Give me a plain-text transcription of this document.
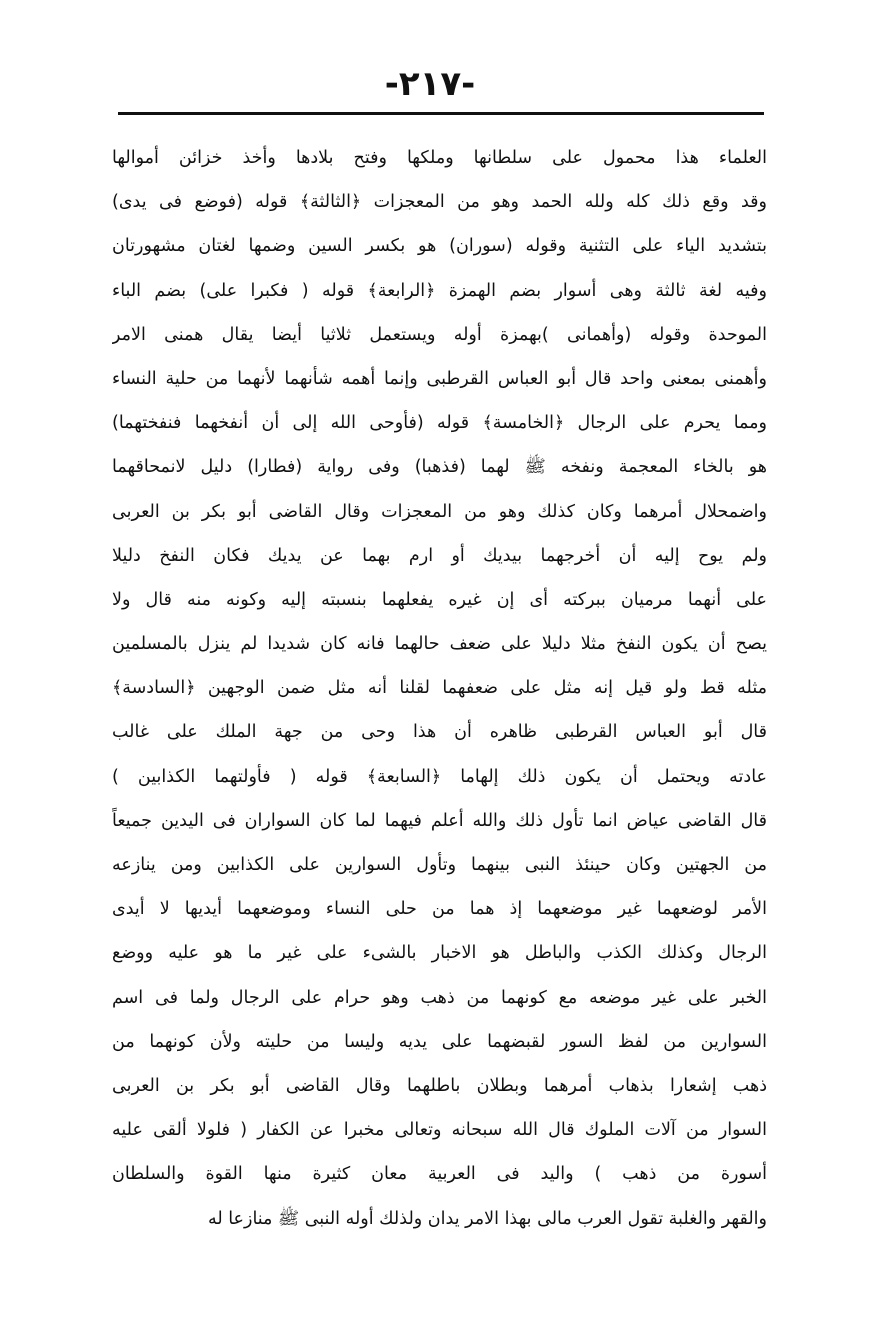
-٢١٧-
العلماء هذا محمول على سلطانها وملكها وفتح بلادها وأخذ خزائن أموالها
وقد وقع ذلك كله ولله الحمد وهو من المعجزات ﴿الثالثة﴾ قوله (فوضع فى يدى)
بتشديد الياء على التثنية وقوله (سوران) هو بكسر السين وضمها لغتان مشهورتان
وفيه لغة ثالثة وهى أسوار بضم الهمزة ﴿الرابعة﴾ قوله ( فكبرا على) بضم الباء
الموحدة وقوله (وأهمانى )بهمزة أوله ويستعمل ثلاثيا أيضا يقال همنى الامر
وأهمنى بمعنى واحد قال أبو العباس القرطبى وإنما أهمه شأنهما لأنهما من حلية النساء
ومما يحرم على الرجال ﴿الخامسة﴾ قوله (فأوحى الله إلى أن أنفخهما فنفختهما)
هو بالخاء المعجمة ونفخه ﷺ لهما (فذهبا) وفى رواية (فطارا) دليل لانمحاقهما
واضمحلال أمرهما وكان كذلك وهو من المعجزات وقال القاضى أبو بكر بن العربى
ولم يوح إليه أن أخرجهما بيديك أو ارم بهما عن يديك فكان النفخ دليلا
على أنهما مرميان ببركته أى إن غيره يفعلهما بنسبته إليه وكونه منه قال ولا
يصح أن يكون النفخ مثلا دليلا على ضعف حالهما فانه كان شديدا لم ينزل بالمسلمين
مثله قط ولو قيل إنه مثل على ضعفهما لقلنا أنه مثل ضمن الوجهين ﴿السادسة﴾
قال أبو العباس القرطبى ظاهره أن هذا وحى من جهة الملك على غالب
عادته ويحتمل أن يكون ذلك إلهاما ﴿السابعة﴾ قوله ( فأولتهما الكذابين )
قال القاضى عياض انما تأول ذلك والله أعلم فيهما لما كان السواران فى اليدين جميعاً
من الجهتين وكان حينئذ النبى بينهما وتأول السوارين على الكذابين ومن ينازعه
الأمر لوضعهما غير موضعهما إذ هما من حلى النساء وموضعهما أيديها لا أيدى
الرجال وكذلك الكذب والباطل هو الاخبار بالشىء على غير ما هو عليه ووضع
الخبر على غير موضعه مع كونهما من ذهب وهو حرام على الرجال ولما فى اسم
السوارين من لفظ السور لقبضهما على يديه وليسا من حليته ولأن كونهما من
ذهب إشعارا بذهاب أمرهما وبطلان باطلهما وقال القاضى أبو بكر بن العربى
السوار من آلات الملوك قال الله سبحانه وتعالى مخبرا عن الكفار ( فلولا ألقى عليه
أسورة من ذهب ) واليد فى العربية معان كثيرة منها القوة والسلطان
والقهر والغلبة تقول العرب مالى بهذا الامر يدان ولذلك أوله النبى ﷺ منازعا له
